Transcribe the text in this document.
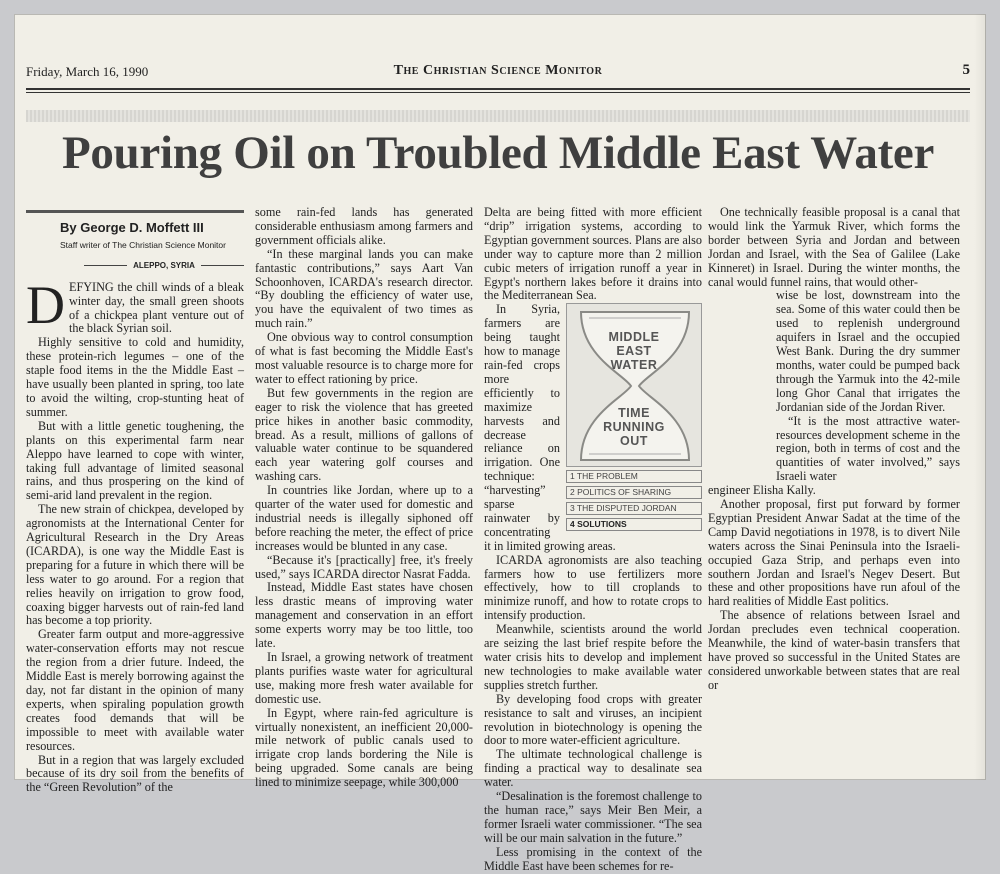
Friday, March 16, 1990	The Christian Science Monitor	5
Pouring Oil on Troubled Middle East Water
By George D. Moffett III
Staff writer of The Christian Science Monitor
ALEPPO, SYRIA

DEFYING the chill winds of a bleak winter day, the small green shoots of a chickpea plant venture out of the black Syrian soil.

Highly sensitive to cold and humidity, these protein-rich legumes – one of the staple food items in the the Middle East – have usually been planted in spring, too late to avoid the wilting, crop-stunting heat of summer.

But with a little genetic toughening, the plants on this experimental farm near Aleppo have learned to cope with winter, taking full advantage of limited seasonal rains, and thus prospering on the kind of semi-arid land prevalent in the region.

The new strain of chickpea, developed by agronomists at the International Center for Agricultural Research in the Dry Areas (ICARDA), is one way the Middle East is preparing for a future in which there will be less water to go around. For a region that relies heavily on irrigation to grow food, coaxing bigger harvests out of rain-fed land has become a top priority.

Greater farm output and more-aggressive water-conservation efforts may not rescue the region from a drier future. Indeed, the Middle East is merely borrowing against the day, not far distant in the opinion of many experts, when spiraling population growth creates food demands that will be impossible to meet with available water resources.

But in a region that was largely excluded because of its dry soil from the benefits of the “Green Revolution” of the

some rain-fed lands has generated considerable enthusiasm among farmers and government officials alike.

“In these marginal lands you can make fantastic contributions,” says Aart Van Schoonhoven, ICARDA's research director. “By doubling the efficiency of water use, you have the equivalent of two times as much rain.”

One obvious way to control consumption of what is fast becoming the Middle East's most valuable resource is to charge more for water to effect rationing by price.

But few governments in the region are eager to risk the violence that has greeted price hikes in another basic commodity, bread. As a result, millions of gallons of valuable water continue to be squandered each year watering golf courses and washing cars.

In countries like Jordan, where up to a quarter of the water used for domestic and industrial needs is illegally siphoned off before reaching the meter, the effect of price increases would be blunted in any case.

“Because it's [practically] free, it's freely used,” says ICARDA director Nasrat Fadda.

Instead, Middle East states have chosen less drastic means of improving water management and conservation in an effort some experts worry may be too little, too late.

In Israel, a growing network of treatment plants purifies waste water for agricultural use, making more fresh water available for domestic use.

In Egypt, where rain-fed agriculture is virtually nonexistent, an inefficient 20,000-mile network of public canals used to irrigate crop lands bordering the Nile is being upgraded. Some canals are being lined to minimize seepage, while 300,000

Delta are being fitted with more efficient “drip” irrigation systems, according to Egyptian government sources. Plans are also under way to capture more than 2 million cubic meters of irrigation runoff a year in Egypt's northern lakes before it drains into the Mediterranean Sea.

MIDDLE
EAST
WATER
TIME
RUNNING
OUT
1 THE PROBLEM
2 POLITICS OF SHARING
3 THE DISPUTED JORDAN
4 SOLUTIONS

In Syria, farmers are being taught how to manage rain-fed crops more efficiently to maximize harvests and decrease reliance on irrigation. One technique: “harvesting” sparse rainwater by concentrating it in limited growing areas.

ICARDA agronomists are also teaching farmers how to use fertilizers more effectively, how to till croplands to minimize runoff, and how to rotate crops to intensify production.

Meanwhile, scientists around the world are seizing the last brief respite before the water crisis hits to develop and implement new technologies to make available water supplies stretch further.

By developing food crops with greater resistance to salt and viruses, an incipient revolution in biotechnology is opening the door to more water-efficient agriculture.

The ultimate technological challenge is finding a practical way to desalinate sea water.

“Desalination is the foremost challenge to the human race,” says Meir Ben Meir, a former Israeli water commissioner. “The sea will be our main salvation in the future.”

Less promising in the context of the Middle East have been schemes for re-

One technically feasible proposal is a canal that would link the Yarmuk River, which forms the border between Syria and Jordan and between Jordan and Israel, with the Sea of Galilee (Lake Kinneret) in Israel. During the winter months, the canal would funnel rains, that would other-

wise be lost, downstream into the sea. Some of this water could then be used to replenish underground aquifers in Israel and the occupied West Bank. During the dry summer months, water could be pumped back through the Yarmuk into the 42-mile long Ghor Canal that irrigates the Jordanian side of the Jordan River.

“It is the most attractive water-resources development scheme in the region, both in terms of cost and the quantities of water involved,” says Israeli water

engineer Elisha Kally.

Another proposal, first put forward by former Egyptian President Anwar Sadat at the time of the Camp David negotiations in 1978, is to divert Nile waters across the Sinai Peninsula into the Israeli-occupied Gaza Strip, and perhaps even into southern Jordan and Israel's Negev Desert. But these and other propositions have run afoul of the hard realities of Middle East politics.

The absence of relations between Israel and Jordan precludes even technical cooperation. Meanwhile, the kind of water-basin transfers that have proved so successful in the United States are considered unworkable between states that are real or
